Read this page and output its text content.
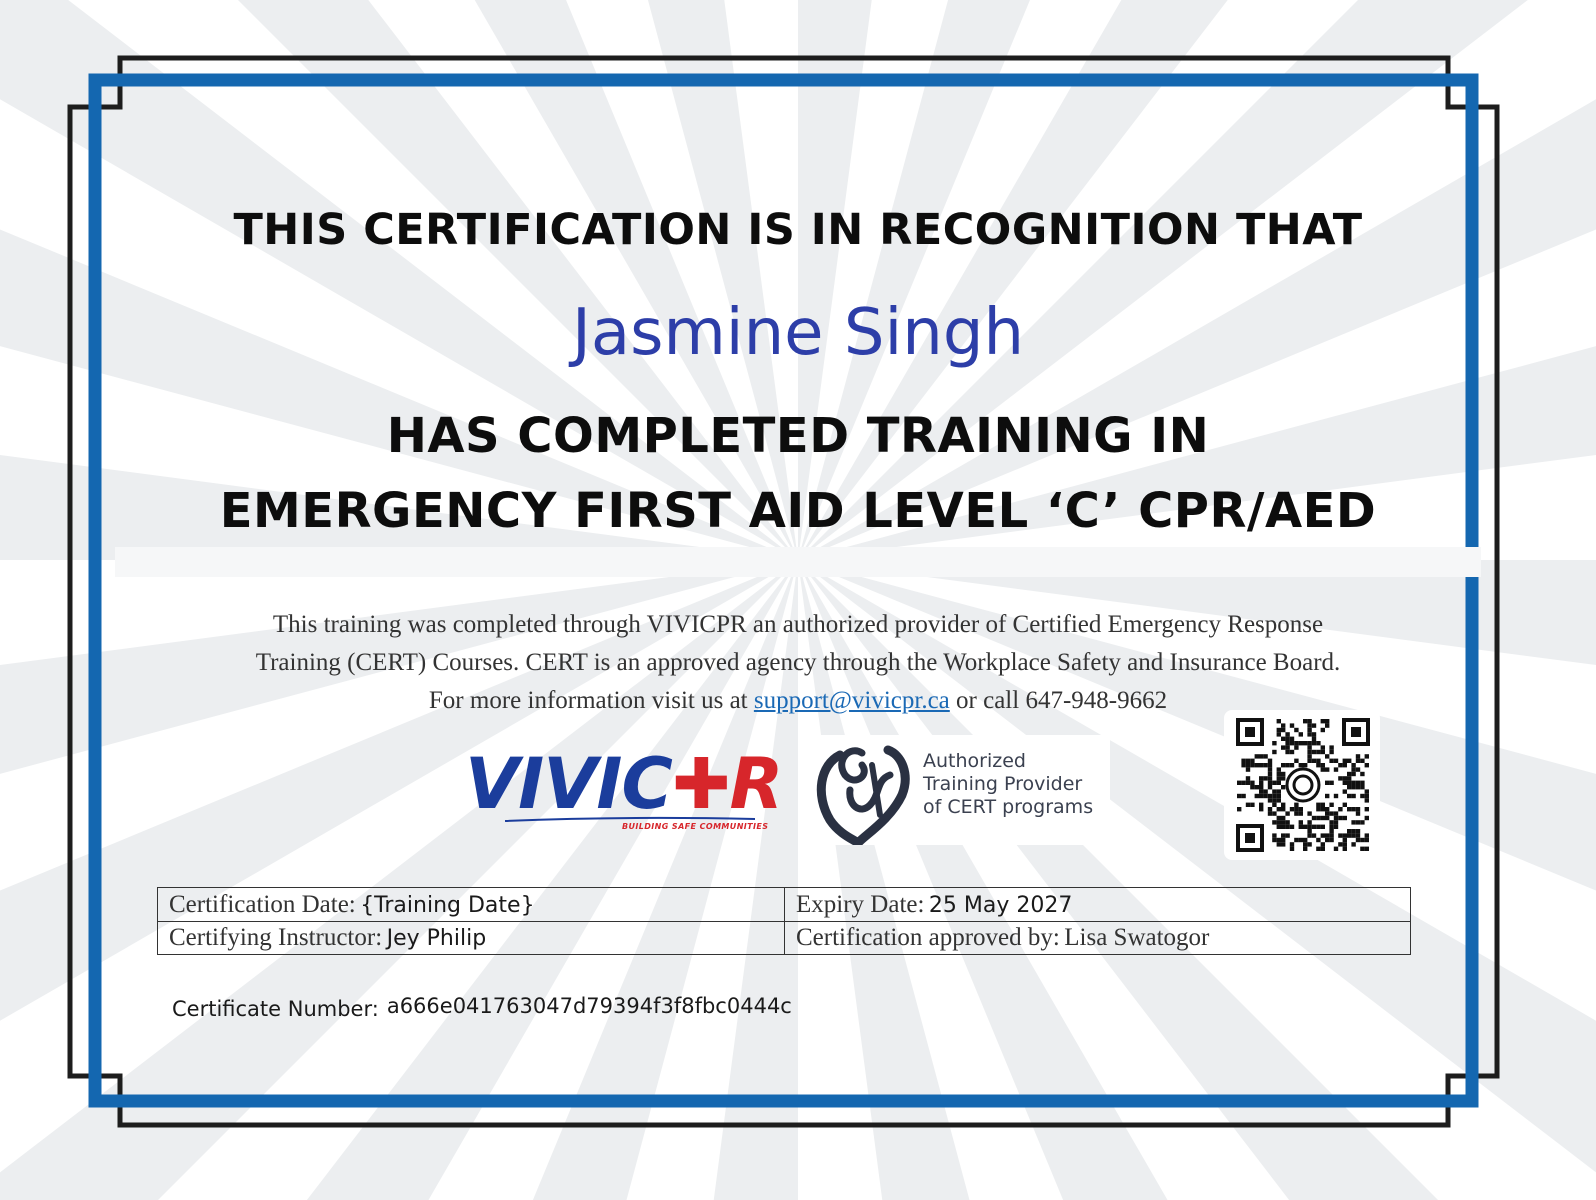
THIS CERTIFICATION IS IN RECOGNITION THAT
Jasmine Singh
HAS COMPLETED TRAINING IN
EMERGENCY FIRST AID LEVEL ‘C’ CPR/AED

This training was completed through VIVICPR an authorized provider of Certified Emergency Response

Training (CERT) Courses. CERT is an approved agency through the Workplace Safety and Insurance Board.

For more information visit us at support@vivicpr.ca or call 647-948-9662

VIVIC✚R
BUILDING SAFE COMMUNITIES
Authorized
Training Provider
of CERT programs
Certification Date: {Training Date}	Expiry Date: 25 May 2027
Certifying Instructor: Jey Philip	Certification approved by: Lisa Swatogor
Certificate Number: a666e041763047d79394f3f8fbc0444c
